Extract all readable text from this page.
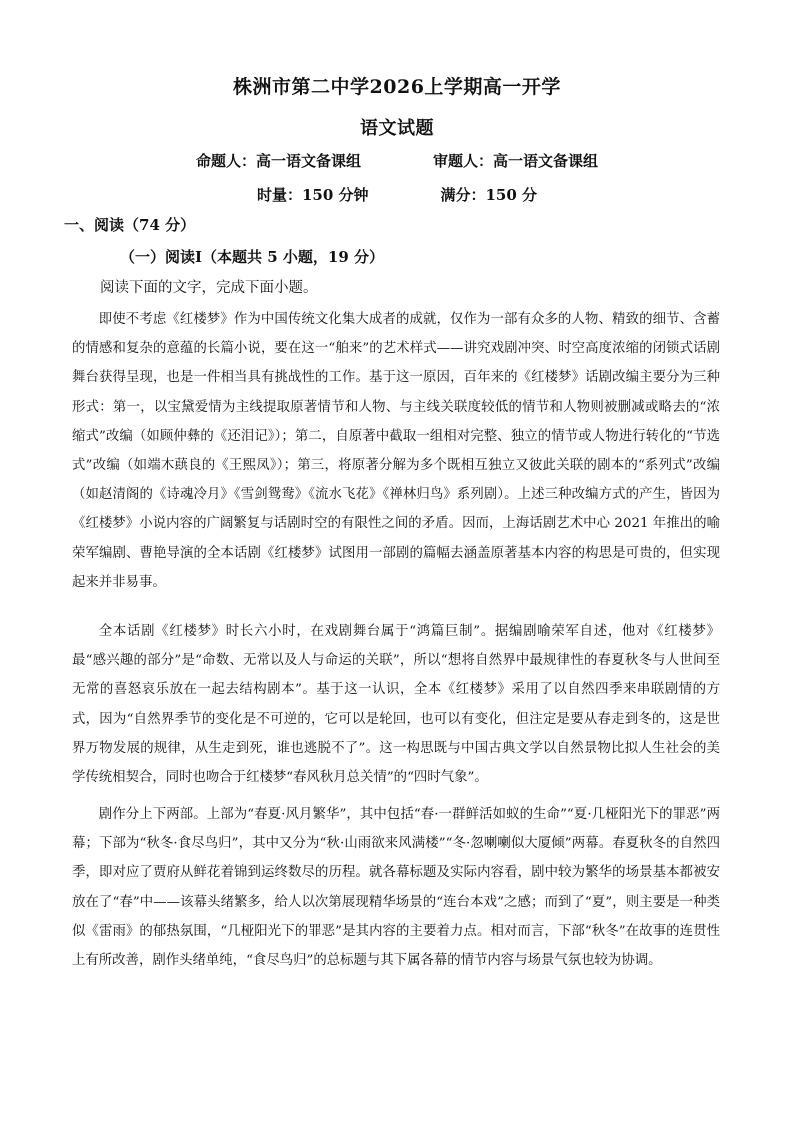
株洲市第二中学2026上学期高一开学
语文试题
命题人：高一语文备课组	审题人：高一语文备课组
时量：150 分钟	满分：150 分
一、阅读（74 分）
（一）阅读Ⅰ（本题共 5 小题，19 分）
阅读下面的文字，完成下面小题。

即使不考虑《红楼梦》作为中国传统文化集大成者的成就，仅作为一部有众多的人物、精致的细节、含蓄的情感和复杂的意蕴的长篇小说，要在这一“舶来”的艺术样式——讲究戏剧冲突、时空高度浓缩的闭锁式话剧舞台获得呈现，也是一件相当具有挑战性的工作。基于这一原因，百年来的《红楼梦》话剧改编主要分为三种形式：第一，以宝黛爱情为主线提取原著情节和人物、与主线关联度较低的情节和人物则被删减或略去的“浓缩式”改编（如顾仲彝的《还泪记》）；第二，自原著中截取一组相对完整、独立的情节或人物进行转化的“节选式”改编（如端木蕻良的《王熙凤》）；第三，将原著分解为多个既相互独立又彼此关联的剧本的“系列式”改编（如赵清阁的《诗魂冷月》《雪剑鸳鸯》《流水飞花》《禅林归鸟》系列剧）。上述三种改编方式的产生，皆因为《红楼梦》小说内容的广阔繁复与话剧时空的有限性之间的矛盾。因而，上海话剧艺术中心 2021 年推出的喻荣军编剧、曹艳导演的全本话剧《红楼梦》试图用一部剧的篇幅去涵盖原著基本内容的构思是可贵的，但实现起来并非易事。

全本话剧《红楼梦》时长六小时，在戏剧舞台属于“鸿篇巨制”。据编剧喻荣军自述，他对《红楼梦》最“感兴趣的部分”是“命数、无常以及人与命运的关联”，所以“想将自然界中最规律性的春夏秋冬与人世间至无常的喜怒哀乐放在一起去结构剧本”。基于这一认识，全本《红楼梦》采用了以自然四季来串联剧情的方式，因为“自然界季节的变化是不可逆的，它可以是轮回，也可以有变化，但注定是要从春走到冬的，这是世界万物发展的规律，从生走到死，谁也逃脱不了”。这一构思既与中国古典文学以自然景物比拟人生社会的美学传统相契合，同时也吻合于红楼梦“春风秋月总关情”的“四时气象”。

剧作分上下两部。上部为“春夏·风月繁华”，其中包括“春·一群鲜活如蚁的生命”“夏·几桠阳光下的罪恶”两幕；下部为“秋冬·食尽鸟归”，其中又分为“秋·山雨欲来风满楼”“冬·忽喇喇似大厦倾”两幕。春夏秋冬的自然四季，即对应了贾府从鲜花着锦到运终数尽的历程。就各幕标题及实际内容看，剧中较为繁华的场景基本都被安放在了“春”中——该幕头绪繁多，给人以次第展现精华场景的“连台本戏”之感；而到了“夏”，则主要是一种类似《雷雨》的郁热氛围，“几桠阳光下的罪恶”是其内容的主要着力点。相对而言，下部“秋冬”在故事的连贯性上有所改善，剧作头绪单纯，“食尽鸟归”的总标题与其下属各幕的情节内容与场景气氛也较为协调。
